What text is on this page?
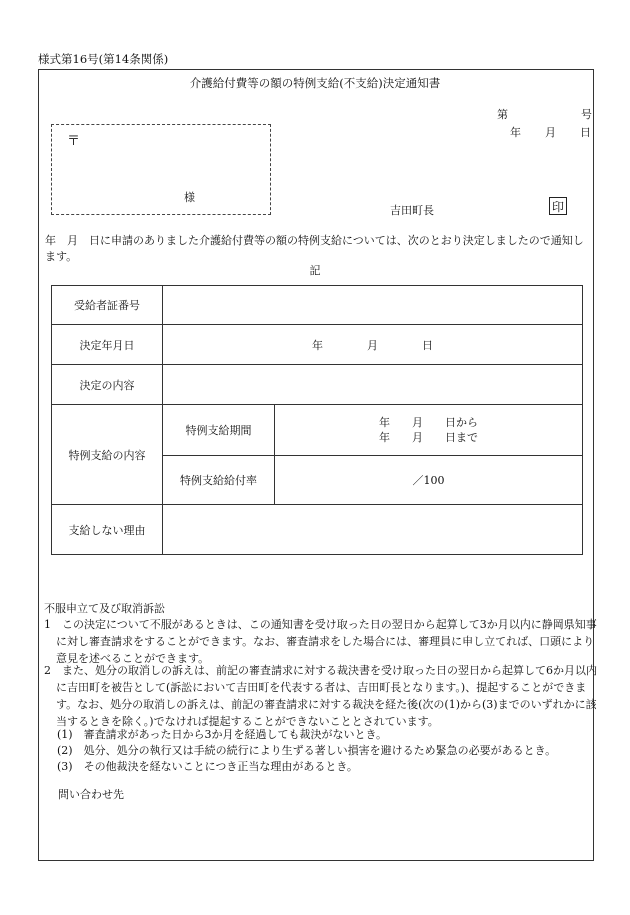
様式第16号(第14条関係)
介護給付費等の額の特例支給(不支給)決定通知書
第	号
年 月 日
〒
様
吉田町長	印
年　月　日に申請のありました介護給付費等の額の特例支給については、次のとおり決定しましたので通知します。
記
受給者証番号		
決定年月日	年　　　　月　　　　日	
決定の内容		
特例支給の内容	特例支給期間	年　　月　　日から
年　　月　　日まで

	特例支給給付率	／100
支給しない理由		
不服申立て及び取消訴訟
1　この決定について不服があるときは、この通知書を受け取った日の翌日から起算して3か月以内に静岡県知事に対し審査請求をすることができます。なお、審査請求をした場合には、審理員に申し立てれば、口頭により意見を述べることができます。
2　また、処分の取消しの訴えは、前記の審査請求に対する裁決書を受け取った日の翌日から起算して6か月以内に吉田町を被告として(訴訟において吉田町を代表する者は、吉田町長となります。)、提起することができます。なお、処分の取消しの訴えは、前記の審査請求に対する裁決を経た後(次の(1)から(3)までのいずれかに該当するときを除く。)でなければ提起することができないこととされています。
(1)　審査請求があった日から3か月を経過しても裁決がないとき。
(2)　処分、処分の執行又は手続の続行により生ずる著しい損害を避けるため緊急の必要があるとき。
(3)　その他裁決を経ないことにつき正当な理由があるとき。
問い合わせ先
